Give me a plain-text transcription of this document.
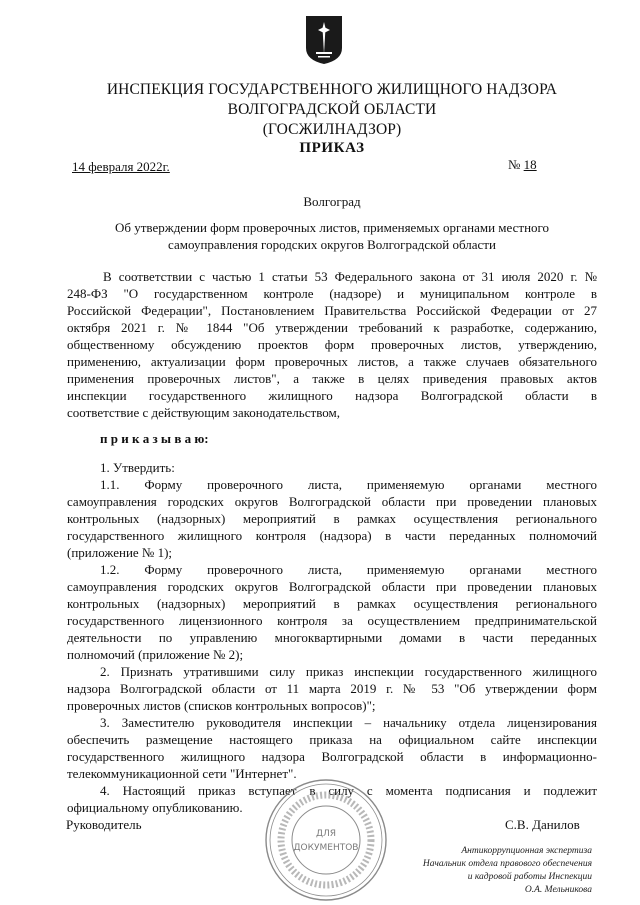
ИНСПЕКЦИЯ ГОСУДАРСТВЕННОГО ЖИЛИЩНОГО НАДЗОРА
ВОЛГОГРАДСКОЙ ОБЛАСТИ
(ГОСЖИЛНАДЗОР)
ПРИКАЗ
14 февраля 2022г.	№ 18
Волгоград
Об утверждении форм проверочных листов, применяемых органами местного
самоуправления городских округов Волгоградской области
В соответствии с частью 1 статьи 53 Федерального закона от 31 июля 2020 г. №
248-ФЗ "О государственном контроле (надзоре) и муниципальном контроле в
Российской Федерации", Постановлением Правительства Российской Федерации от 27
октября 2021 г. № 1844 "Об утверждении требований к разработке, содержанию,
общественному обсуждению проектов форм проверочных листов, утверждению,
применению, актуализации форм проверочных листов, а также случаев обязательного
применения проверочных листов", а также в целях приведения правовых актов
инспекции государственного жилищного надзора Волгоградской области в
соответствие с действующим законодательством,
п р и к а з ы в а ю:
1. Утвердить:
1.1. Форму проверочного листа, применяемую органами местного
самоуправления городских округов Волгоградской области при проведении плановых
контрольных (надзорных) мероприятий в рамках осуществления регионального
государственного жилищного контроля (надзора) в части переданных полномочий
(приложение № 1);
1.2. Форму проверочного листа, применяемую органами местного
самоуправления городских округов Волгоградской области при проведении плановых
контрольных (надзорных) мероприятий в рамках осуществления регионального
государственного лицензионного контроля за осуществлением предпринимательской
деятельности по управлению многоквартирными домами в части переданных
полномочий (приложение № 2);
2. Признать утратившими силу приказ инспекции государственного жилищного
надзора Волгоградской области от 11 марта 2019 г. № 53 "Об утверждении форм
проверочных листов (списков контрольных вопросов)";
3. Заместителю руководителя инспекции – начальнику отдела лицензирования
обеспечить размещение настоящего приказа на официальном сайте инспекции
государственного жилищного надзора Волгоградской области в информационно-
телекоммуникационной сети "Интернет".
4. Настоящий приказ вступает в силу с момента подписания и подлежит
официальному опубликованию.
ДЛЯ
ДОКУМЕНТОВ
Руководитель	С.В. Данилов
Антикоррупционная экспертиза
Начальник отдела правового обеспечения
и кадровой работы Инспекции
О.А. Мельникова
